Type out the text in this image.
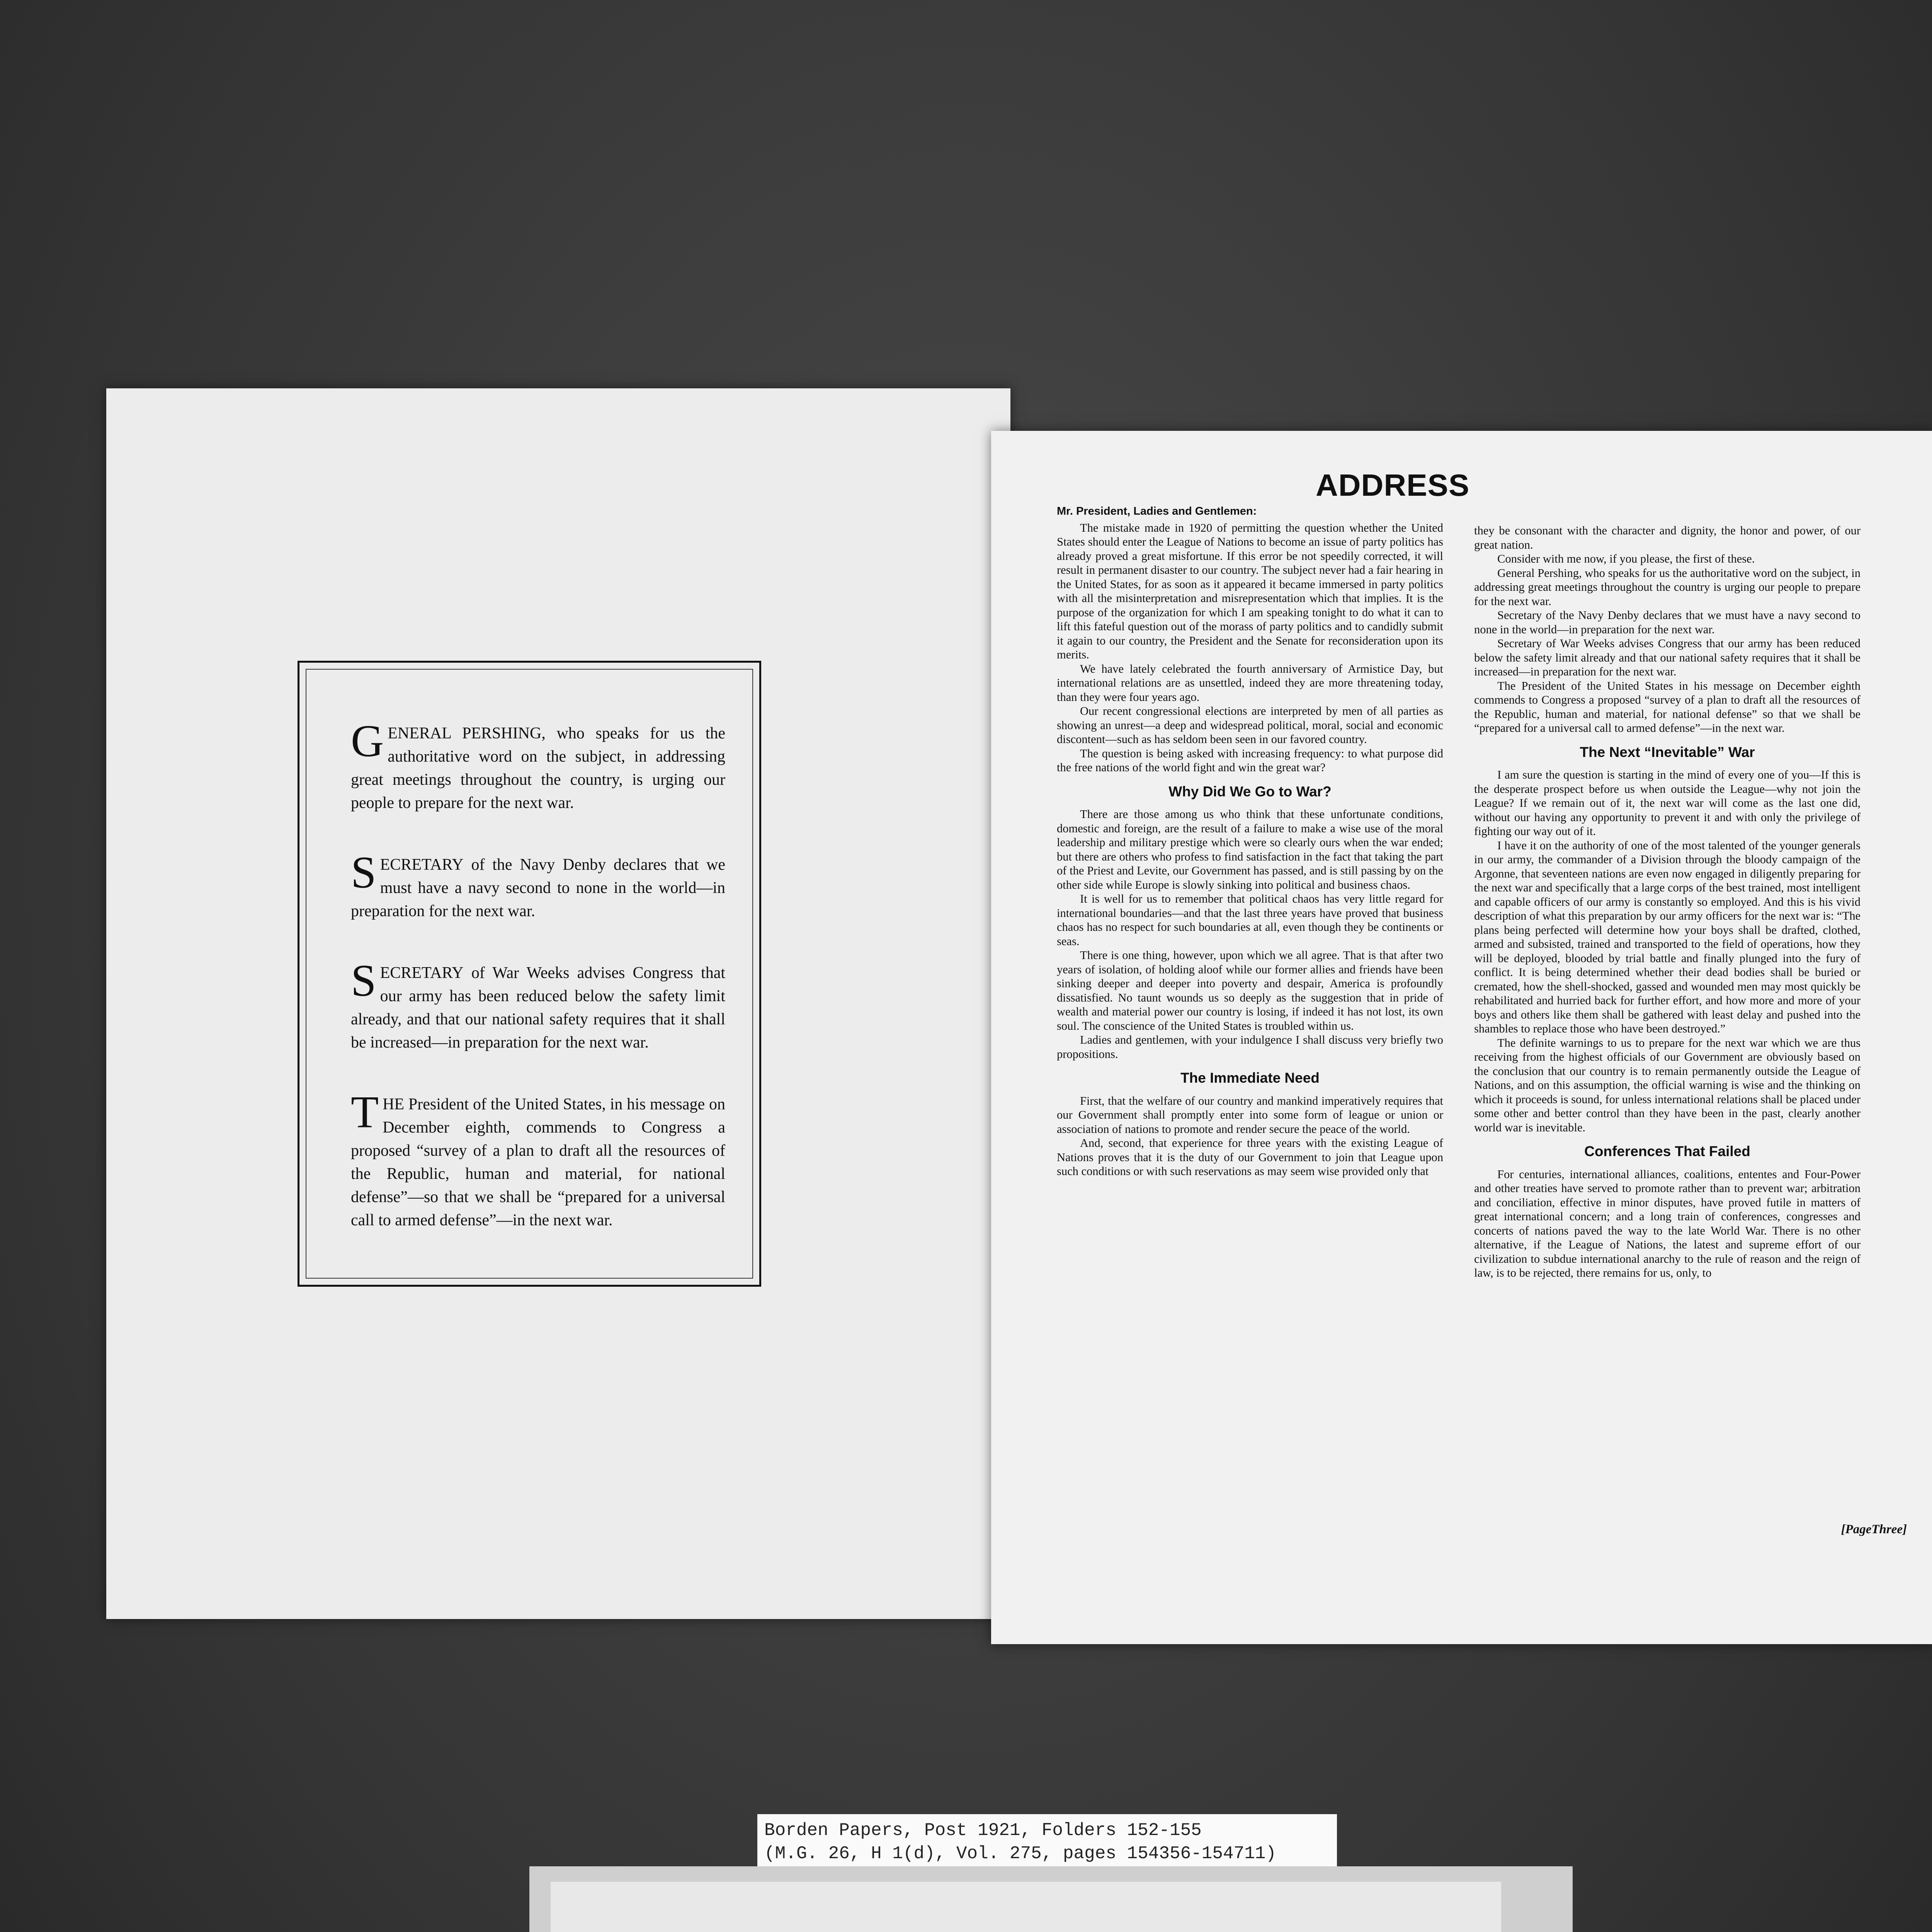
GENERAL PERSHING, who speaks for us the authoritative word on the subject, in addressing great meetings throughout the country, is urging our people to prepare for the next war.

SECRETARY of the Navy Denby declares that we must have a navy second to none in the world—in preparation for the next war.

SECRETARY of War Weeks advises Congress that our army has been reduced below the safety limit already, and that our national safety requires that it shall be increased—in preparation for the next war.

THE President of the United States, in his message on December eighth, commends to Congress a proposed “survey of a plan to draft all the resources of the Republic, human and material, for national defense”—so that we shall be “prepared for a universal call to armed defense”—in the next war.

ADDRESS

Mr. President, Ladies and Gentlemen:

The mistake made in 1920 of permitting the question whether the United States should enter the League of Nations to become an issue of party politics has already proved a great misfortune. If this error be not speedily corrected, it will result in permanent disaster to our country. The subject never had a fair hearing in the United States, for as soon as it appeared it became immersed in party politics with all the misinterpretation and misrepresentation which that implies. It is the purpose of the organization for which I am speaking tonight to do what it can to lift this fateful question out of the morass of party politics and to candidly submit it again to our country, the President and the Senate for reconsideration upon its merits.

We have lately celebrated the fourth anniversary of Armistice Day, but international relations are as unsettled, indeed they are more threatening today, than they were four years ago.

Our recent congressional elections are interpreted by men of all parties as showing an unrest—a deep and widespread political, moral, social and economic discontent—such as has seldom been seen in our favored country.

The question is being asked with increasing frequency: to what purpose did the free nations of the world fight and win the great war?

Why Did We Go to War?

There are those among us who think that these unfortunate conditions, domestic and foreign, are the result of a failure to make a wise use of the moral leadership and military prestige which were so clearly ours when the war ended; but there are others who profess to find satisfaction in the fact that taking the part of the Priest and Levite, our Government has passed, and is still passing by on the other side while Europe is slowly sinking into political and business chaos.

It is well for us to remember that political chaos has very little regard for international boundaries—and that the last three years have proved that business chaos has no respect for such boundaries at all, even though they be continents or seas.

There is one thing, however, upon which we all agree. That is that after two years of isolation, of holding aloof while our former allies and friends have been sinking deeper and deeper into poverty and despair, America is profoundly dissatisfied. No taunt wounds us so deeply as the suggestion that in pride of wealth and material power our country is losing, if indeed it has not lost, its own soul. The conscience of the United States is troubled within us.

Ladies and gentlemen, with your indulgence I shall discuss very briefly two propositions.

The Immediate Need

First, that the welfare of our country and mankind imperatively requires that our Government shall promptly enter into some form of league or union or association of nations to promote and render secure the peace of the world.

And, second, that experience for three years with the existing League of Nations proves that it is the duty of our Government to join that League upon such conditions or with such reservations as may seem wise provided only that

they be consonant with the character and dignity, the honor and power, of our great nation.

Consider with me now, if you please, the first of these.

General Pershing, who speaks for us the authoritative word on the subject, in addressing great meetings throughout the country is urging our people to prepare for the next war.

Secretary of the Navy Denby declares that we must have a navy second to none in the world—in preparation for the next war.

Secretary of War Weeks advises Congress that our army has been reduced below the safety limit already and that our national safety requires that it shall be increased—in preparation for the next war.

The President of the United States in his message on December eighth commends to Congress a proposed “survey of a plan to draft all the resources of the Republic, human and material, for national defense” so that we shall be “prepared for a universal call to armed defense”—in the next war.

The Next “Inevitable” War

I am sure the question is starting in the mind of every one of you—If this is the desperate prospect before us when outside the League—why not join the League? If we remain out of it, the next war will come as the last one did, without our having any opportunity to prevent it and with only the privilege of fighting our way out of it.

I have it on the authority of one of the most talented of the younger generals in our army, the commander of a Division through the bloody campaign of the Argonne, that seventeen nations are even now engaged in diligently preparing for the next war and specifically that a large corps of the best trained, most intelligent and capable officers of our army is constantly so employed. And this is his vivid description of what this preparation by our army officers for the next war is: “The plans being perfected will determine how your boys shall be drafted, clothed, armed and subsisted, trained and transported to the field of operations, how they will be deployed, blooded by trial battle and finally plunged into the fury of conflict. It is being determined whether their dead bodies shall be buried or cremated, how the shell-shocked, gassed and wounded men may most quickly be rehabilitated and hurried back for further effort, and how more and more of your boys and others like them shall be gathered with least delay and pushed into the shambles to replace those who have been destroyed.”

The definite warnings to us to prepare for the next war which we are thus receiving from the highest officials of our Government are obviously based on the conclusion that our country is to remain permanently outside the League of Nations, and on this assumption, the official warning is wise and the thinking on which it proceeds is sound, for unless international relations shall be placed under some other and better control than they have been in the past, clearly another world war is inevitable.

Conferences That Failed

For centuries, international alliances, coalitions, ententes and Four-Power and other treaties have served to promote rather than to prevent war; arbitration and conciliation, effective in minor disputes, have proved futile in matters of great international concern; and a long train of conferences, congresses and concerts of nations paved the way to the late World War. There is no other alternative, if the League of Nations, the latest and supreme effort of our civilization to subdue international anarchy to the rule of reason and the reign of law, is to be rejected, there remains for us, only, to

[PageThree]
Borden Papers, Post 1921, Folders 152-155
(M.G. 26, H 1(d), Vol. 275, pages 154356-154711)
